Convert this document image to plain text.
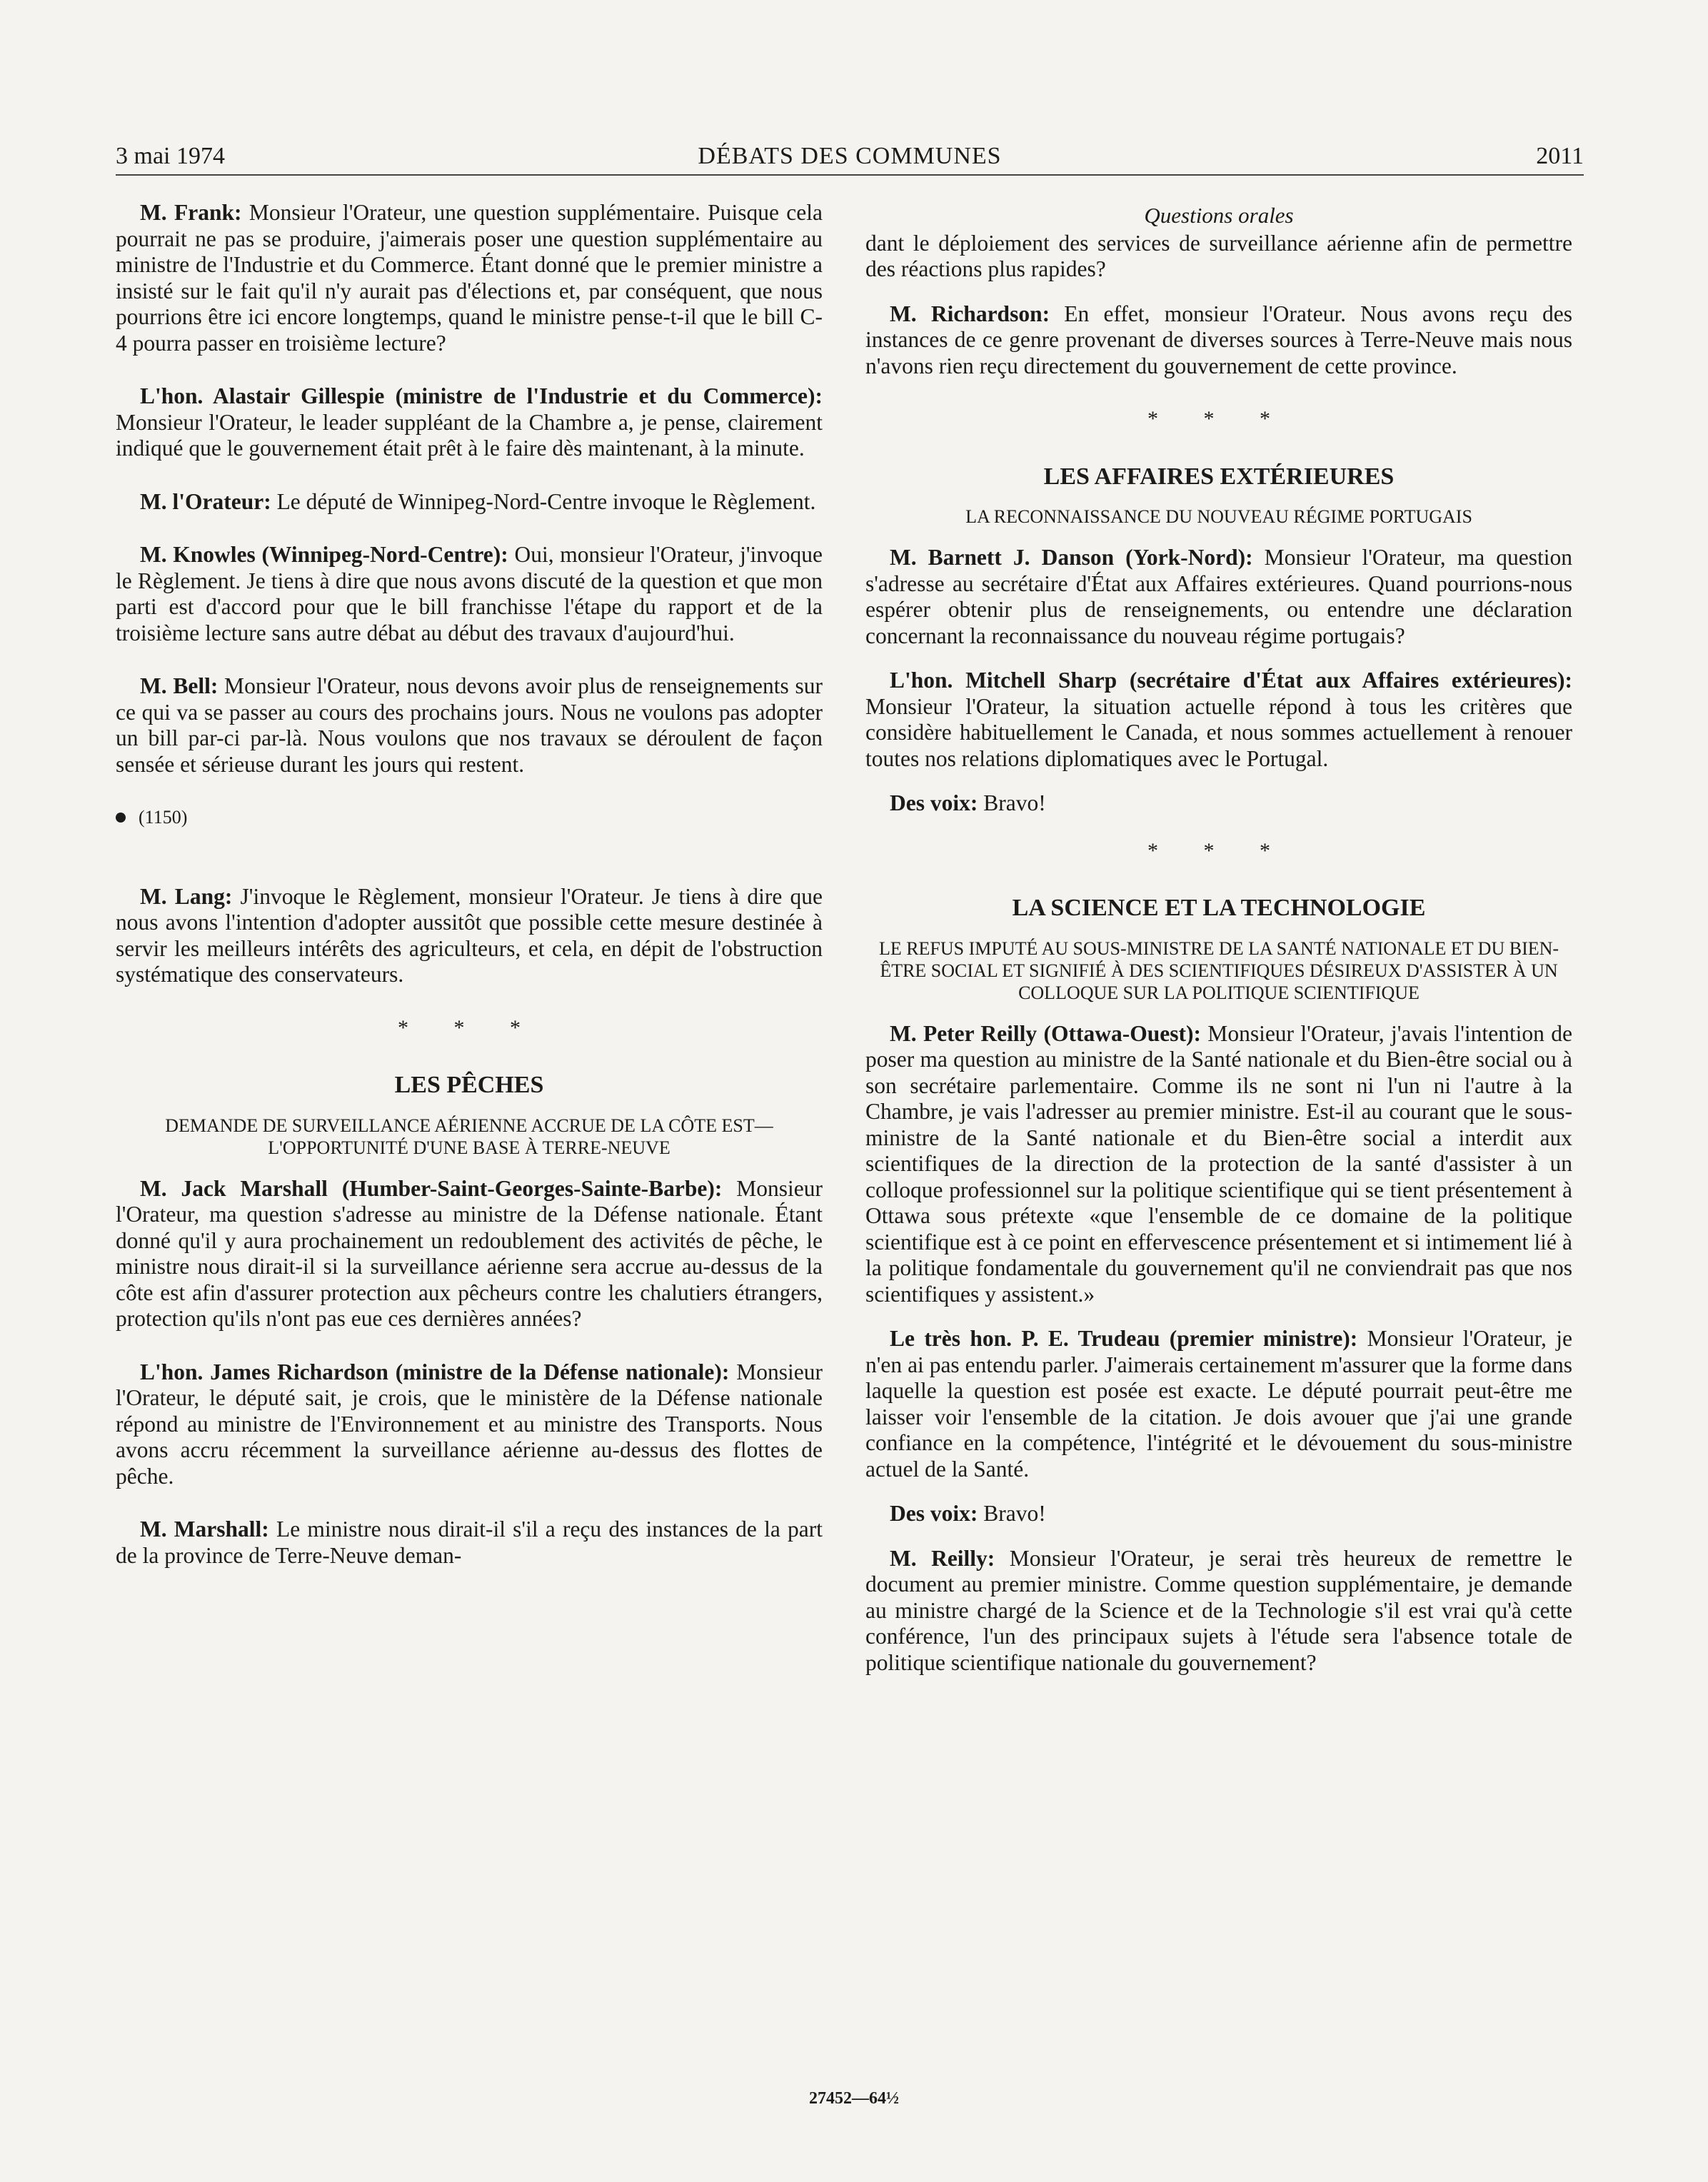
3 mai 1974	DÉBATS DES COMMUNES	2011

M. Frank: Monsieur l'Orateur, une question supplémentaire. Puisque cela pourrait ne pas se produire, j'aimerais poser une question supplémentaire au ministre de l'Industrie et du Commerce. Étant donné que le premier ministre a insisté sur le fait qu'il n'y aurait pas d'élections et, par conséquent, que nous pourrions être ici encore longtemps, quand le ministre pense-t-il que le bill C-4 pourra passer en troisième lecture?

L'hon. Alastair Gillespie (ministre de l'Industrie et du Commerce): Monsieur l'Orateur, le leader suppléant de la Chambre a, je pense, clairement indiqué que le gouvernement était prêt à le faire dès maintenant, à la minute.

M. l'Orateur: Le député de Winnipeg-Nord-Centre invoque le Règlement.

M. Knowles (Winnipeg-Nord-Centre): Oui, monsieur l'Orateur, j'invoque le Règlement. Je tiens à dire que nous avons discuté de la question et que mon parti est d'accord pour que le bill franchisse l'étape du rapport et de la troisième lecture sans autre débat au début des travaux d'aujourd'hui.

M. Bell: Monsieur l'Orateur, nous devons avoir plus de renseignements sur ce qui va se passer au cours des prochains jours. Nous ne voulons pas adopter un bill par-ci par-là. Nous voulons que nos travaux se déroulent de façon sensée et sérieuse durant les jours qui restent.

(1150)

M. Lang: J'invoque le Règlement, monsieur l'Orateur. Je tiens à dire que nous avons l'intention d'adopter aussitôt que possible cette mesure destinée à servir les meilleurs intérêts des agriculteurs, et cela, en dépit de l'obstruction systématique des conservateurs.

* * *
LES PÊCHES
DEMANDE DE SURVEILLANCE AÉRIENNE ACCRUE DE LA CÔTE EST—L'OPPORTUNITÉ D'UNE BASE À TERRE-NEUVE

M. Jack Marshall (Humber-Saint-Georges-Sainte-Barbe): Monsieur l'Orateur, ma question s'adresse au ministre de la Défense nationale. Étant donné qu'il y aura prochainement un redoublement des activités de pêche, le ministre nous dirait-il si la surveillance aérienne sera accrue au-dessus de la côte est afin d'assurer protection aux pêcheurs contre les chalutiers étrangers, protection qu'ils n'ont pas eue ces dernières années?

L'hon. James Richardson (ministre de la Défense nationale): Monsieur l'Orateur, le député sait, je crois, que le ministère de la Défense nationale répond au ministre de l'Environnement et au ministre des Transports. Nous avons accru récemment la surveillance aérienne au-dessus des flottes de pêche.

M. Marshall: Le ministre nous dirait-il s'il a reçu des instances de la part de la province de Terre-Neuve deman-

Questions orales

dant le déploiement des services de surveillance aérienne afin de permettre des réactions plus rapides?

M. Richardson: En effet, monsieur l'Orateur. Nous avons reçu des instances de ce genre provenant de diverses sources à Terre-Neuve mais nous n'avons rien reçu directement du gouvernement de cette province.

* * *
LES AFFAIRES EXTÉRIEURES
LA RECONNAISSANCE DU NOUVEAU RÉGIME PORTUGAIS

M. Barnett J. Danson (York-Nord): Monsieur l'Orateur, ma question s'adresse au secrétaire d'État aux Affaires extérieures. Quand pourrions-nous espérer obtenir plus de renseignements, ou entendre une déclaration concernant la reconnaissance du nouveau régime portugais?

L'hon. Mitchell Sharp (secrétaire d'État aux Affaires extérieures): Monsieur l'Orateur, la situation actuelle répond à tous les critères que considère habituellement le Canada, et nous sommes actuellement à renouer toutes nos relations diplomatiques avec le Portugal.

Des voix: Bravo!

* * *
LA SCIENCE ET LA TECHNOLOGIE
LE REFUS IMPUTÉ AU SOUS-MINISTRE DE LA SANTÉ NATIONALE ET DU BIEN-ÊTRE SOCIAL ET SIGNIFIÉ À DES SCIENTIFIQUES DÉSIREUX D'ASSISTER À UN COLLOQUE SUR LA POLITIQUE SCIENTIFIQUE

M. Peter Reilly (Ottawa-Ouest): Monsieur l'Orateur, j'avais l'intention de poser ma question au ministre de la Santé nationale et du Bien-être social ou à son secrétaire parlementaire. Comme ils ne sont ni l'un ni l'autre à la Chambre, je vais l'adresser au premier ministre. Est-il au courant que le sous-ministre de la Santé nationale et du Bien-être social a interdit aux scientifiques de la direction de la protection de la santé d'assister à un colloque professionnel sur la politique scientifique qui se tient présentement à Ottawa sous prétexte «que l'ensemble de ce domaine de la politique scientifique est à ce point en effervescence présentement et si intimement lié à la politique fondamentale du gouvernement qu'il ne conviendrait pas que nos scientifiques y assistent.»

Le très hon. P. E. Trudeau (premier ministre): Monsieur l'Orateur, je n'en ai pas entendu parler. J'aimerais certainement m'assurer que la forme dans laquelle la question est posée est exacte. Le député pourrait peut-être me laisser voir l'ensemble de la citation. Je dois avouer que j'ai une grande confiance en la compétence, l'intégrité et le dévouement du sous-ministre actuel de la Santé.

Des voix: Bravo!

M. Reilly: Monsieur l'Orateur, je serai très heureux de remettre le document au premier ministre. Comme question supplémentaire, je demande au ministre chargé de la Science et de la Technologie s'il est vrai qu'à cette conférence, l'un des principaux sujets à l'étude sera l'absence totale de politique scientifique nationale du gouvernement?

27452—64½
